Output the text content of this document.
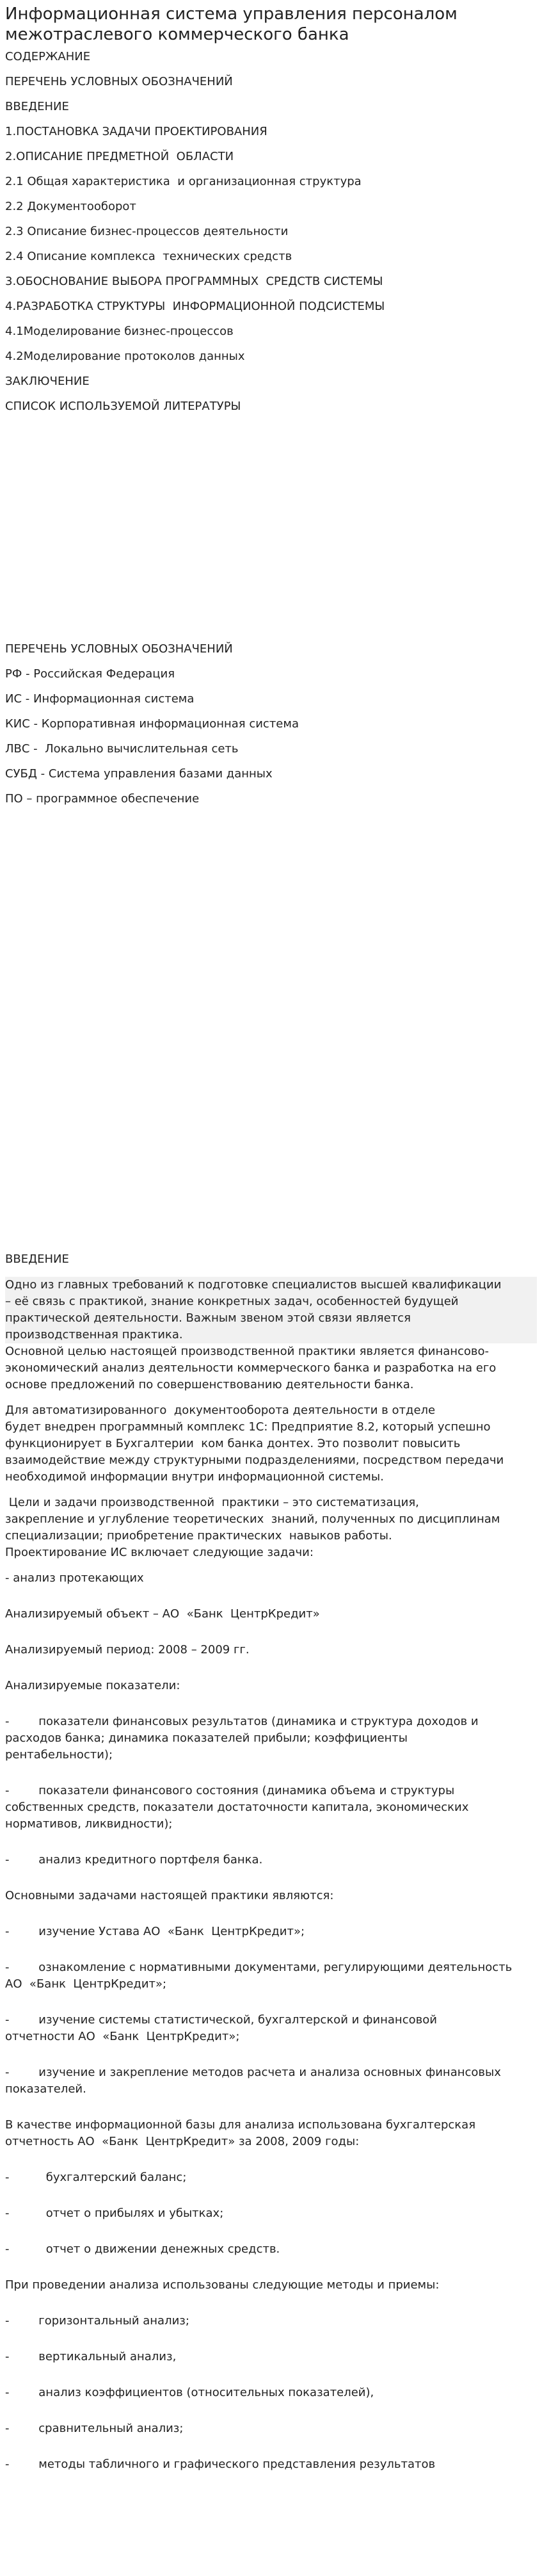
Информационная система управления персоналом межотраслевого коммерческого банка

СОДЕРЖАНИЕ

ПЕРЕЧЕНЬ УСЛОВНЫХ ОБОЗНАЧЕНИЙ

ВВЕДЕНИЕ

1.ПОСТАНОВКА ЗАДАЧИ ПРОЕКТИРОВАНИЯ

2.ОПИСАНИЕ ПРЕДМЕТНОЙ  ОБЛАСТИ

2.1 Общая характеристика  и организационная структура

2.2 Документооборот

2.3 Описание бизнес-процессов деятельности

2.4 Описание комплекса  технических средств

3.ОБОСНОВАНИЕ ВЫБОРА ПРОГРАММНЫХ  СРЕДСТВ СИСТЕМЫ

4.РАЗРАБОТКА СТРУКТУРЫ  ИНФОРМАЦИОННОЙ ПОДСИСТЕМЫ

4.1Моделирование бизнес-процессов

4.2Моделирование протоколов данных

ЗАКЛЮЧЕНИЕ

СПИСОК ИСПОЛЬЗУЕМОЙ ЛИТЕРАТУРЫ

ПЕРЕЧЕНЬ УСЛОВНЫХ ОБОЗНАЧЕНИЙ

РФ - Российская Федерация

ИС - Информационная система

КИС - Корпоративная информационная система

ЛВС -  Локально вычислительная сеть

СУБД - Система управления базами данных

ПО – программное обеспечение

ВВЕДЕНИЕ

Одно из главных требований к подготовке специалистов высшей квалификации

– её связь с практикой, знание конкретных задач, особенностей будущей

практической деятельности. Важным звеном этой связи является

производственная практика.

Основной целью настоящей производственной практики является финансово-

экономический анализ деятельности коммерческого банка и разработка на его

основе предложений по совершенствованию деятельности банка.

Для автоматизированного  документооборота деятельности в отделе

будет внедрен программный комплекс 1С: Предприятие 8.2, который успешно

функционирует в Бухгалтерии  ком банка донтех. Это позволит повысить

взаимодействие между структурными подразделениями, посредством передачи

необходимой информации внутри информационной системы.

Цели и задачи производственной  практики – это систематизация,

закрепление и углубление теоретических  знаний, полученных по дисциплинам

специализации; приобретение практических  навыков работы.

Проектирование ИС включает следующие задачи:

- анализ протекающих

Анализируемый объект – АО  «Банк  ЦентрКредит»

Анализируемый период: 2008 – 2009 гг.

Анализируемые показатели:

-        показатели финансовых результатов (динамика и структура доходов и

расходов банка; динамика показателей прибыли; коэффициенты

рентабельности);

-        показатели финансового состояния (динамика объема и структуры

собственных средств, показатели достаточности капитала, экономических

нормативов, ликвидности);

-        анализ кредитного портфеля банка.

Основными задачами настоящей практики являются:

-        изучение Устава АО  «Банк  ЦентрКредит»;

-        ознакомление с нормативными документами, регулирующими деятельность

АО  «Банк  ЦентрКредит»;

-        изучение системы статистической, бухгалтерской и финансовой

отчетности АО  «Банк  ЦентрКредит»;

-        изучение и закрепление методов расчета и анализа основных финансовых

показателей.

В качестве информационной базы для анализа использована бухгалтерская

отчетность АО  «Банк  ЦентрКредит» за 2008, 2009 годы:

-          бухгалтерский баланс;

-          отчет о прибылях и убытках;

-          отчет о движении денежных средств.

При проведении анализа использованы следующие методы и приемы:

-        горизонтальный анализ;

-        вертикальный анализ,

-        анализ коэффициентов (относительных показателей),

-        сравнительный анализ;

-        методы табличного и графического представления результатов
